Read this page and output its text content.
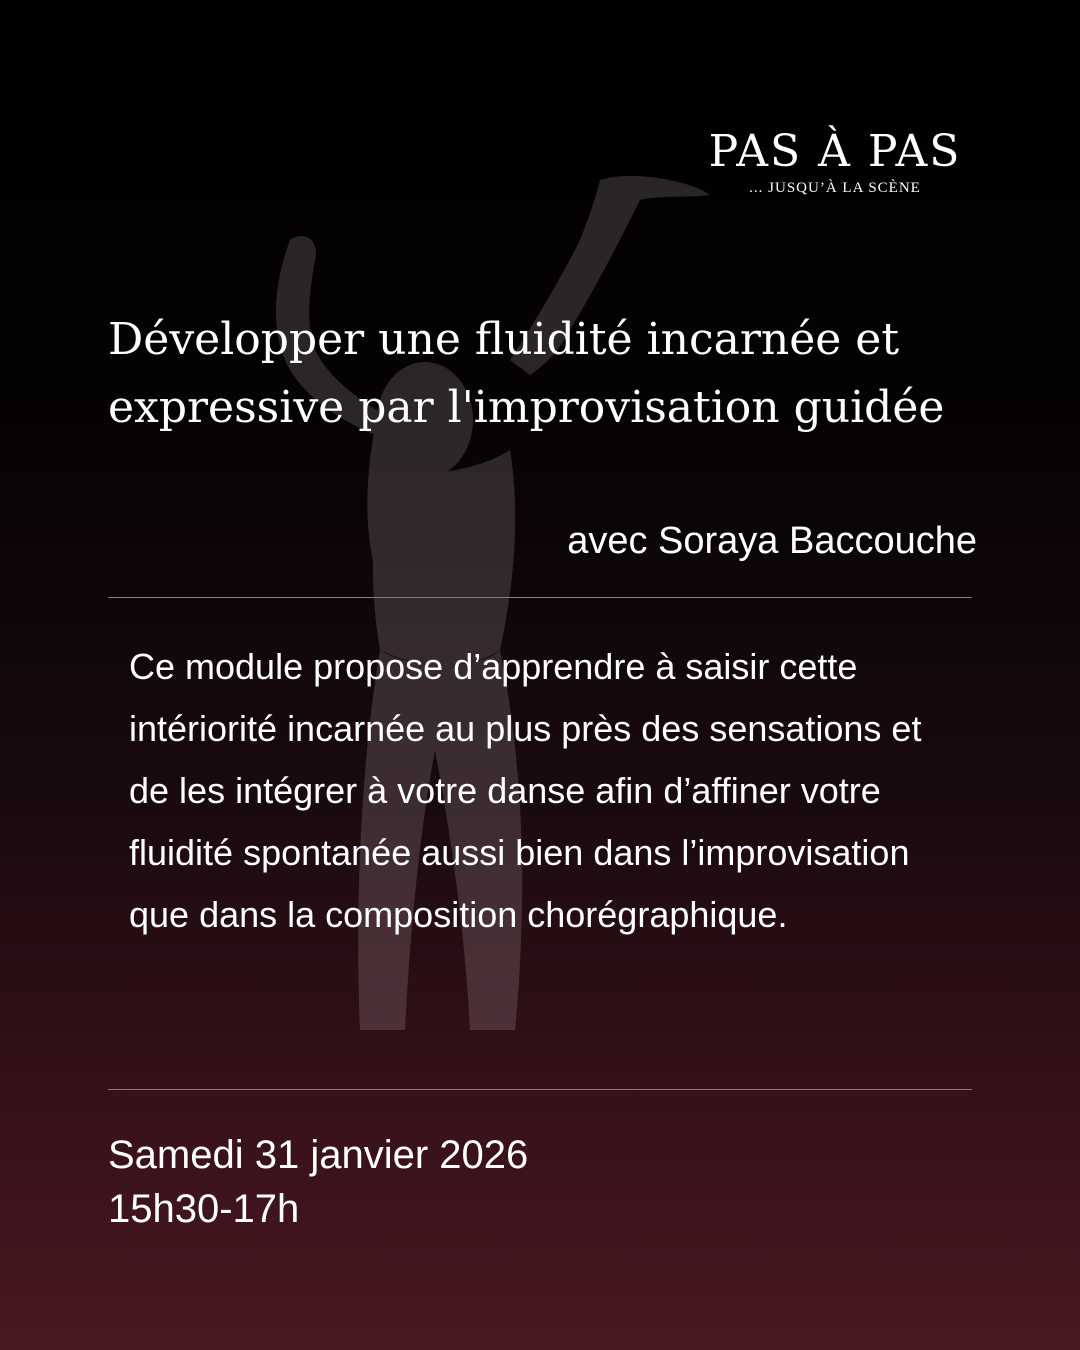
PAS À PAS
... JUSQU’À LA SCÈNE
Développer une fluidité incarnée et expressive par l'improvisation guidée
avec Soraya Baccouche

Ce module propose d’apprendre à saisir cette intériorité incarnée au plus près des sensations et de les intégrer à votre danse afin d’affiner votre fluidité spontanée aussi bien dans l’improvisation que dans la composition chorégraphique.

Samedi 31 janvier 2026
15h30-17h
